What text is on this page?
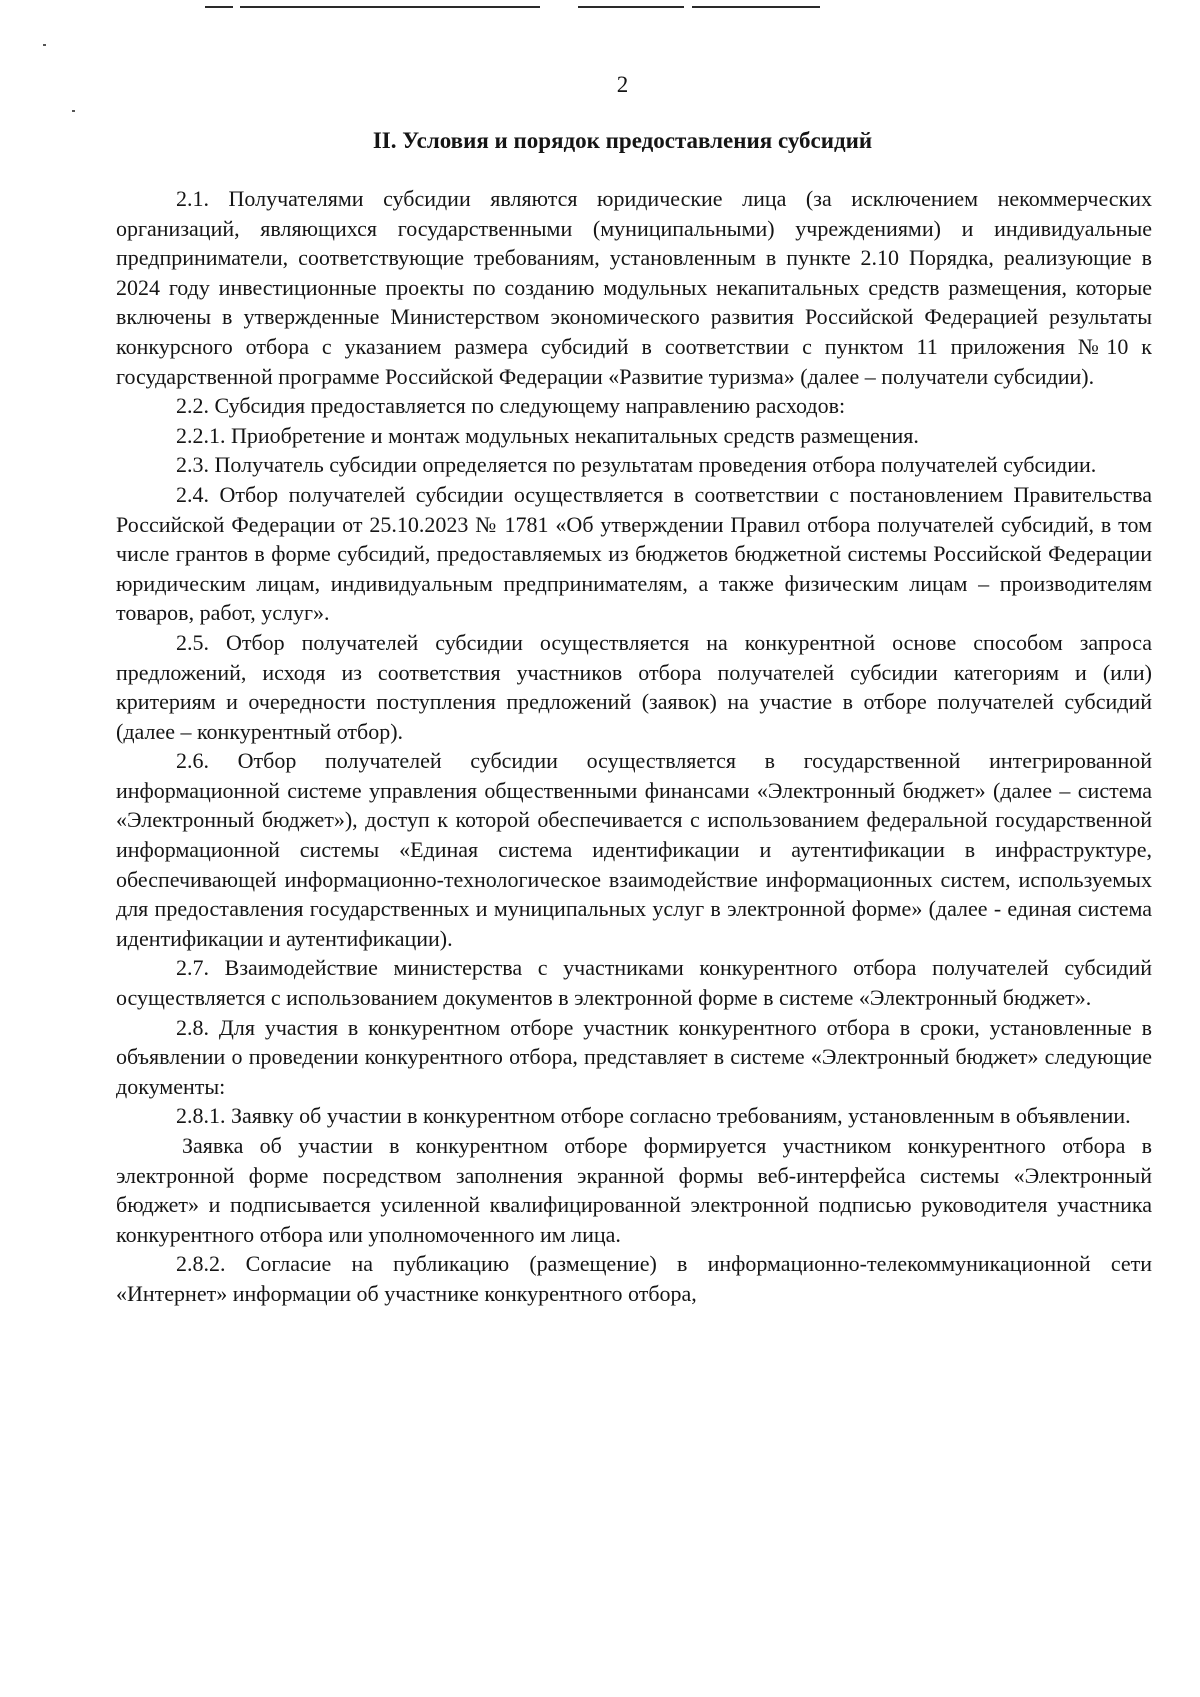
2
II. Условия и порядок предоставления субсидий

2.1. Получателями субсидии являются юридические лица (за исключением некоммерческих организаций, являющихся государственными (муниципальными) учреждениями) и индивидуальные предприниматели, соответствующие требованиям, установленным в пункте 2.10 Порядка, реализующие в 2024 году инвестиционные проекты по созданию модульных некапитальных средств размещения, которые включены в утвержденные Министерством экономического развития Российской Федерацией результаты конкурсного отбора с указанием размера субсидий в соответствии с пунктом 11 приложения №10 к государственной программе Российской Федерации «Развитие туризма» (далее – получатели субсидии).

2.2. Субсидия предоставляется по следующему направлению расходов:

2.2.1. Приобретение и монтаж модульных некапитальных средств размещения.

2.3. Получатель субсидии определяется по результатам проведения отбора получателей субсидии.

2.4. Отбор получателей субсидии осуществляется в соответствии с постановлением Правительства Российской Федерации от 25.10.2023 № 1781 «Об утверждении Правил отбора получателей субсидий, в том числе грантов в форме субсидий, предоставляемых из бюджетов бюджетной системы Российской Федерации юридическим лицам, индивидуальным предпринимателям, а также физическим лицам – производителям товаров, работ, услуг».

2.5. Отбор получателей субсидии осуществляется на конкурентной основе способом запроса предложений, исходя из соответствия участников отбора получателей субсидии категориям и (или) критериям и очередности поступления предложений (заявок) на участие в отборе получателей субсидий (далее – конкурентный отбор).

2.6. Отбор получателей субсидии осуществляется в государственной интегрированной информационной системе управления общественными финансами «Электронный бюджет» (далее – система «Электронный бюджет»), доступ к которой обеспечивается с использованием федеральной государственной информационной системы «Единая система идентификации и аутентификации в инфраструктуре, обеспечивающей информационно-технологическое взаимодействие информационных систем, используемых для предоставления государственных и муниципальных услуг в электронной форме» (далее - единая система идентификации и аутентификации).

2.7. Взаимодействие министерства с участниками конкурентного отбора получателей субсидий осуществляется с использованием документов в электронной форме в системе «Электронный бюджет».

2.8. Для участия в конкурентном отборе участник конкурентного отбора в сроки, установленные в объявлении о проведении конкурентного отбора, представляет в системе «Электронный бюджет» следующие документы:

2.8.1. Заявку об участии в конкурентном отборе согласно требованиям, установленным в объявлении.

Заявка об участии в конкурентном отборе формируется участником конкурентного отбора в электронной форме посредством заполнения экранной формы веб-интерфейса системы «Электронный бюджет» и подписывается усиленной квалифицированной электронной подписью руководителя участника конкурентного отбора или уполномоченного им лица.

2.8.2. Согласие на публикацию (размещение) в информационно-телекоммуникационной сети «Интернет» информации об участнике конкурентного отбора,
